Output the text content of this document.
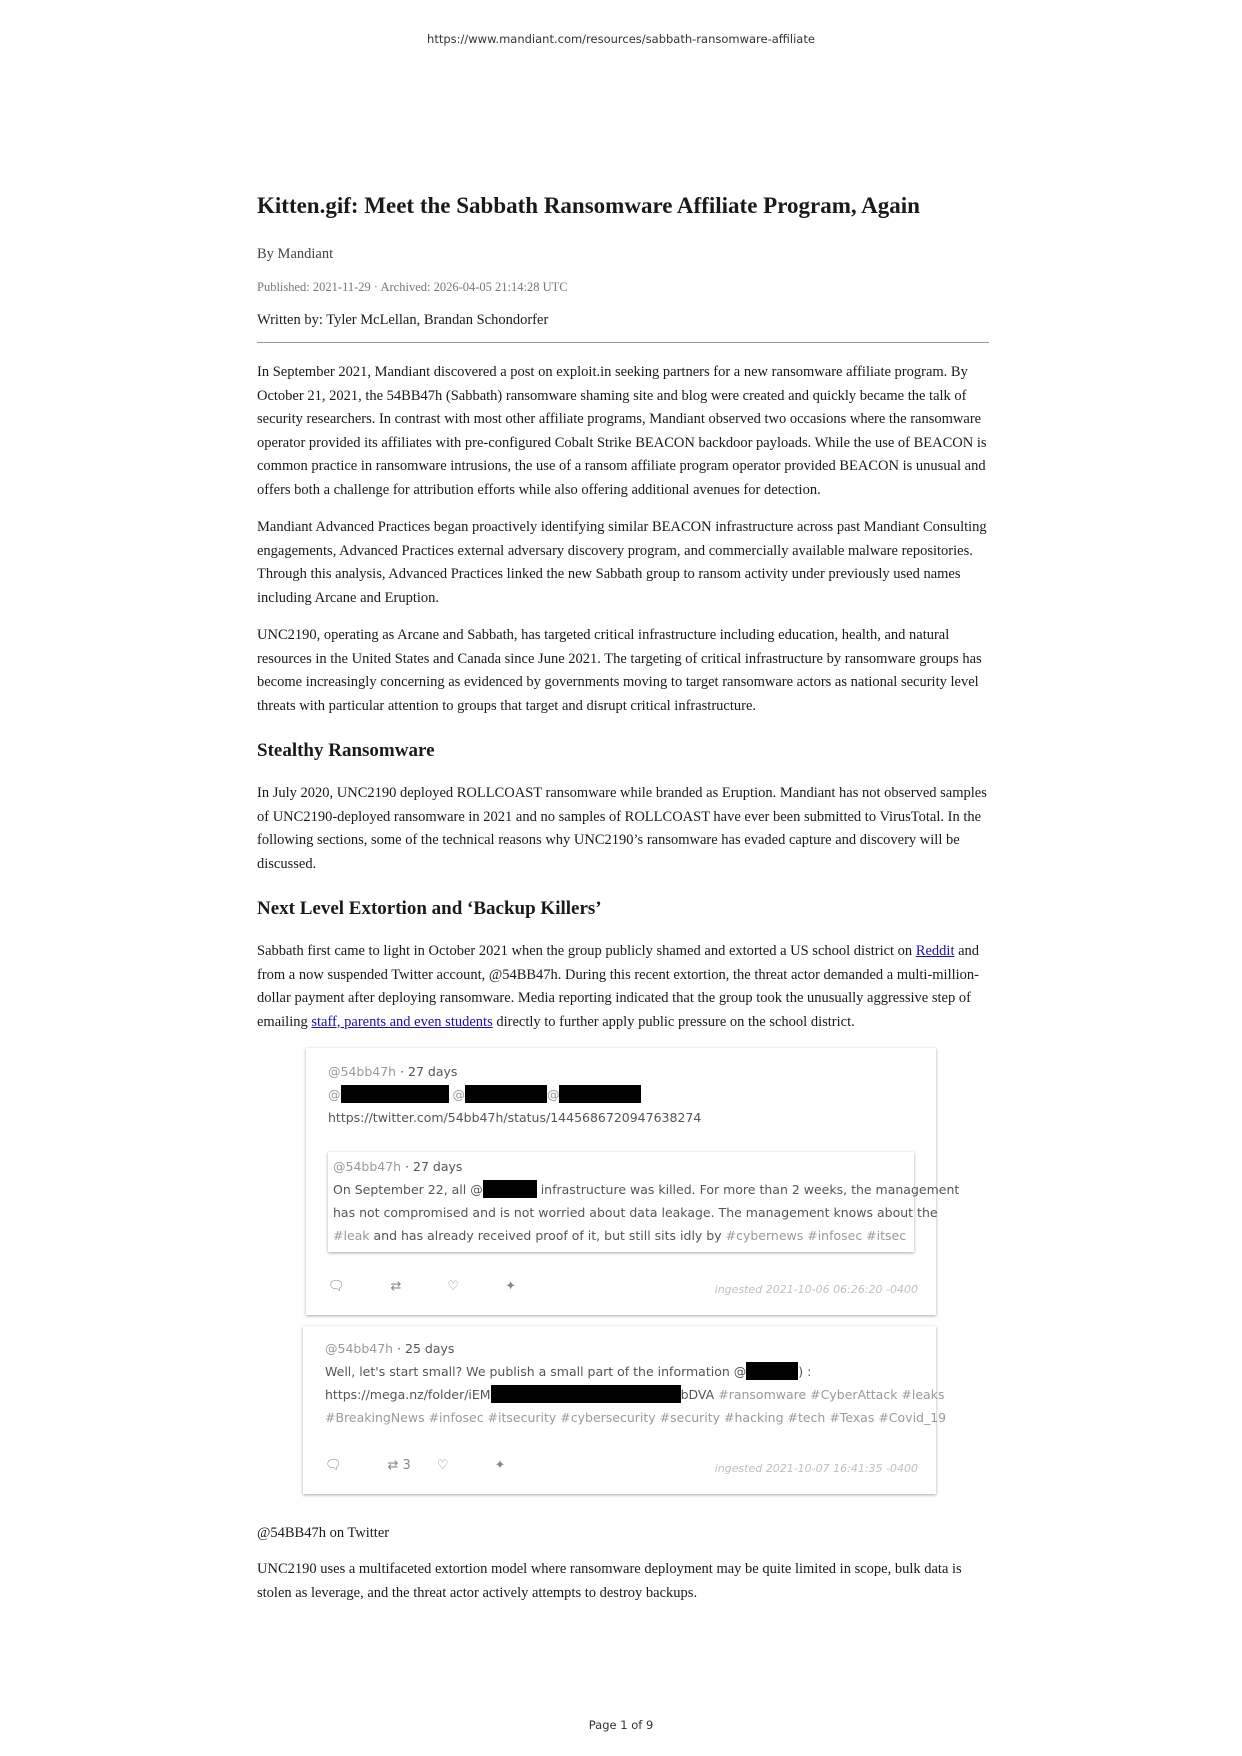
https://www.mandiant.com/resources/sabbath-ransomware-affiliate
Kitten.gif: Meet the Sabbath Ransomware Affiliate Program, Again
By Mandiant
Published: 2021-11-29 · Archived: 2026-04-05 21:14:28 UTC
Written by: Tyler McLellan, Brandan Schondorfer

In September 2021, Mandiant discovered a post on exploit.in seeking partners for a new ransomware affiliate program. By October 21, 2021, the 54BB47h (Sabbath) ransomware shaming site and blog were created and quickly became the talk of security researchers. In contrast with most other affiliate programs, Mandiant observed two occasions where the ransomware operator provided its affiliates with pre-configured Cobalt Strike BEACON backdoor payloads. While the use of BEACON is common practice in ransomware intrusions, the use of a ransom affiliate program operator provided BEACON is unusual and offers both a challenge for attribution efforts while also offering additional avenues for detection.

Mandiant Advanced Practices began proactively identifying similar BEACON infrastructure across past Mandiant Consulting engagements, Advanced Practices external adversary discovery program, and commercially available malware repositories. Through this analysis, Advanced Practices linked the new Sabbath group to ransom activity under previously used names including Arcane and Eruption.

UNC2190, operating as Arcane and Sabbath, has targeted critical infrastructure including education, health, and natural resources in the United States and Canada since June 2021. The targeting of critical infrastructure by ransomware groups has become increasingly concerning as evidenced by governments moving to target ransomware actors as national security level threats with particular attention to groups that target and disrupt critical infrastructure.

Stealthy Ransomware

In July 2020, UNC2190 deployed ROLLCOAST ransomware while branded as Eruption. Mandiant has not observed samples of UNC2190-deployed ransomware in 2021 and no samples of ROLLCOAST have ever been submitted to VirusTotal. In the following sections, some of the technical reasons why UNC2190’s ransomware has evaded capture and discovery will be discussed.

Next Level Extortion and ‘Backup Killers’

Sabbath first came to light in October 2021 when the group publicly shamed and extorted a US school district on Reddit and from a now suspended Twitter account, @54BB47h. During this recent extortion, the threat actor demanded a multi-million-dollar payment after deploying ransomware. Media reporting indicated that the group took the unusually aggressive step of emailing staff, parents and even students directly to further apply public pressure on the school district.

@54bb47h · 27 days
@	@	@
https://twitter.com/54bb47h/status/1445686720947638274
@54bb47h · 27 days
On September 22, all @	infrastructure was killed. For more than 2 weeks, the management
has not compromised and is not worried about data leakage. The management knows about the
#leak and has already received proof of it, but still sits idly by #cybernews #infosec #itsec
🗨	⇄	♡	✦	ingested 2021-10-06 06:26:20 -0400
@54bb47h · 25 days
Well, let's start small? We publish a small part of the information @	) :
https://mega.nz/folder/iEM	bDVA #ransomware #CyberAttack #leaks
#BreakingNews #infosec #itsecurity #cybersecurity #security #hacking #tech #Texas #Covid_19
🗨	⇄ 3 ♡	✦	ingested 2021-10-07 16:41:35 -0400
@54BB47h on Twitter

UNC2190 uses a multifaceted extortion model where ransomware deployment may be quite limited in scope, bulk data is stolen as leverage, and the threat actor actively attempts to destroy backups.

Page 1 of 9
